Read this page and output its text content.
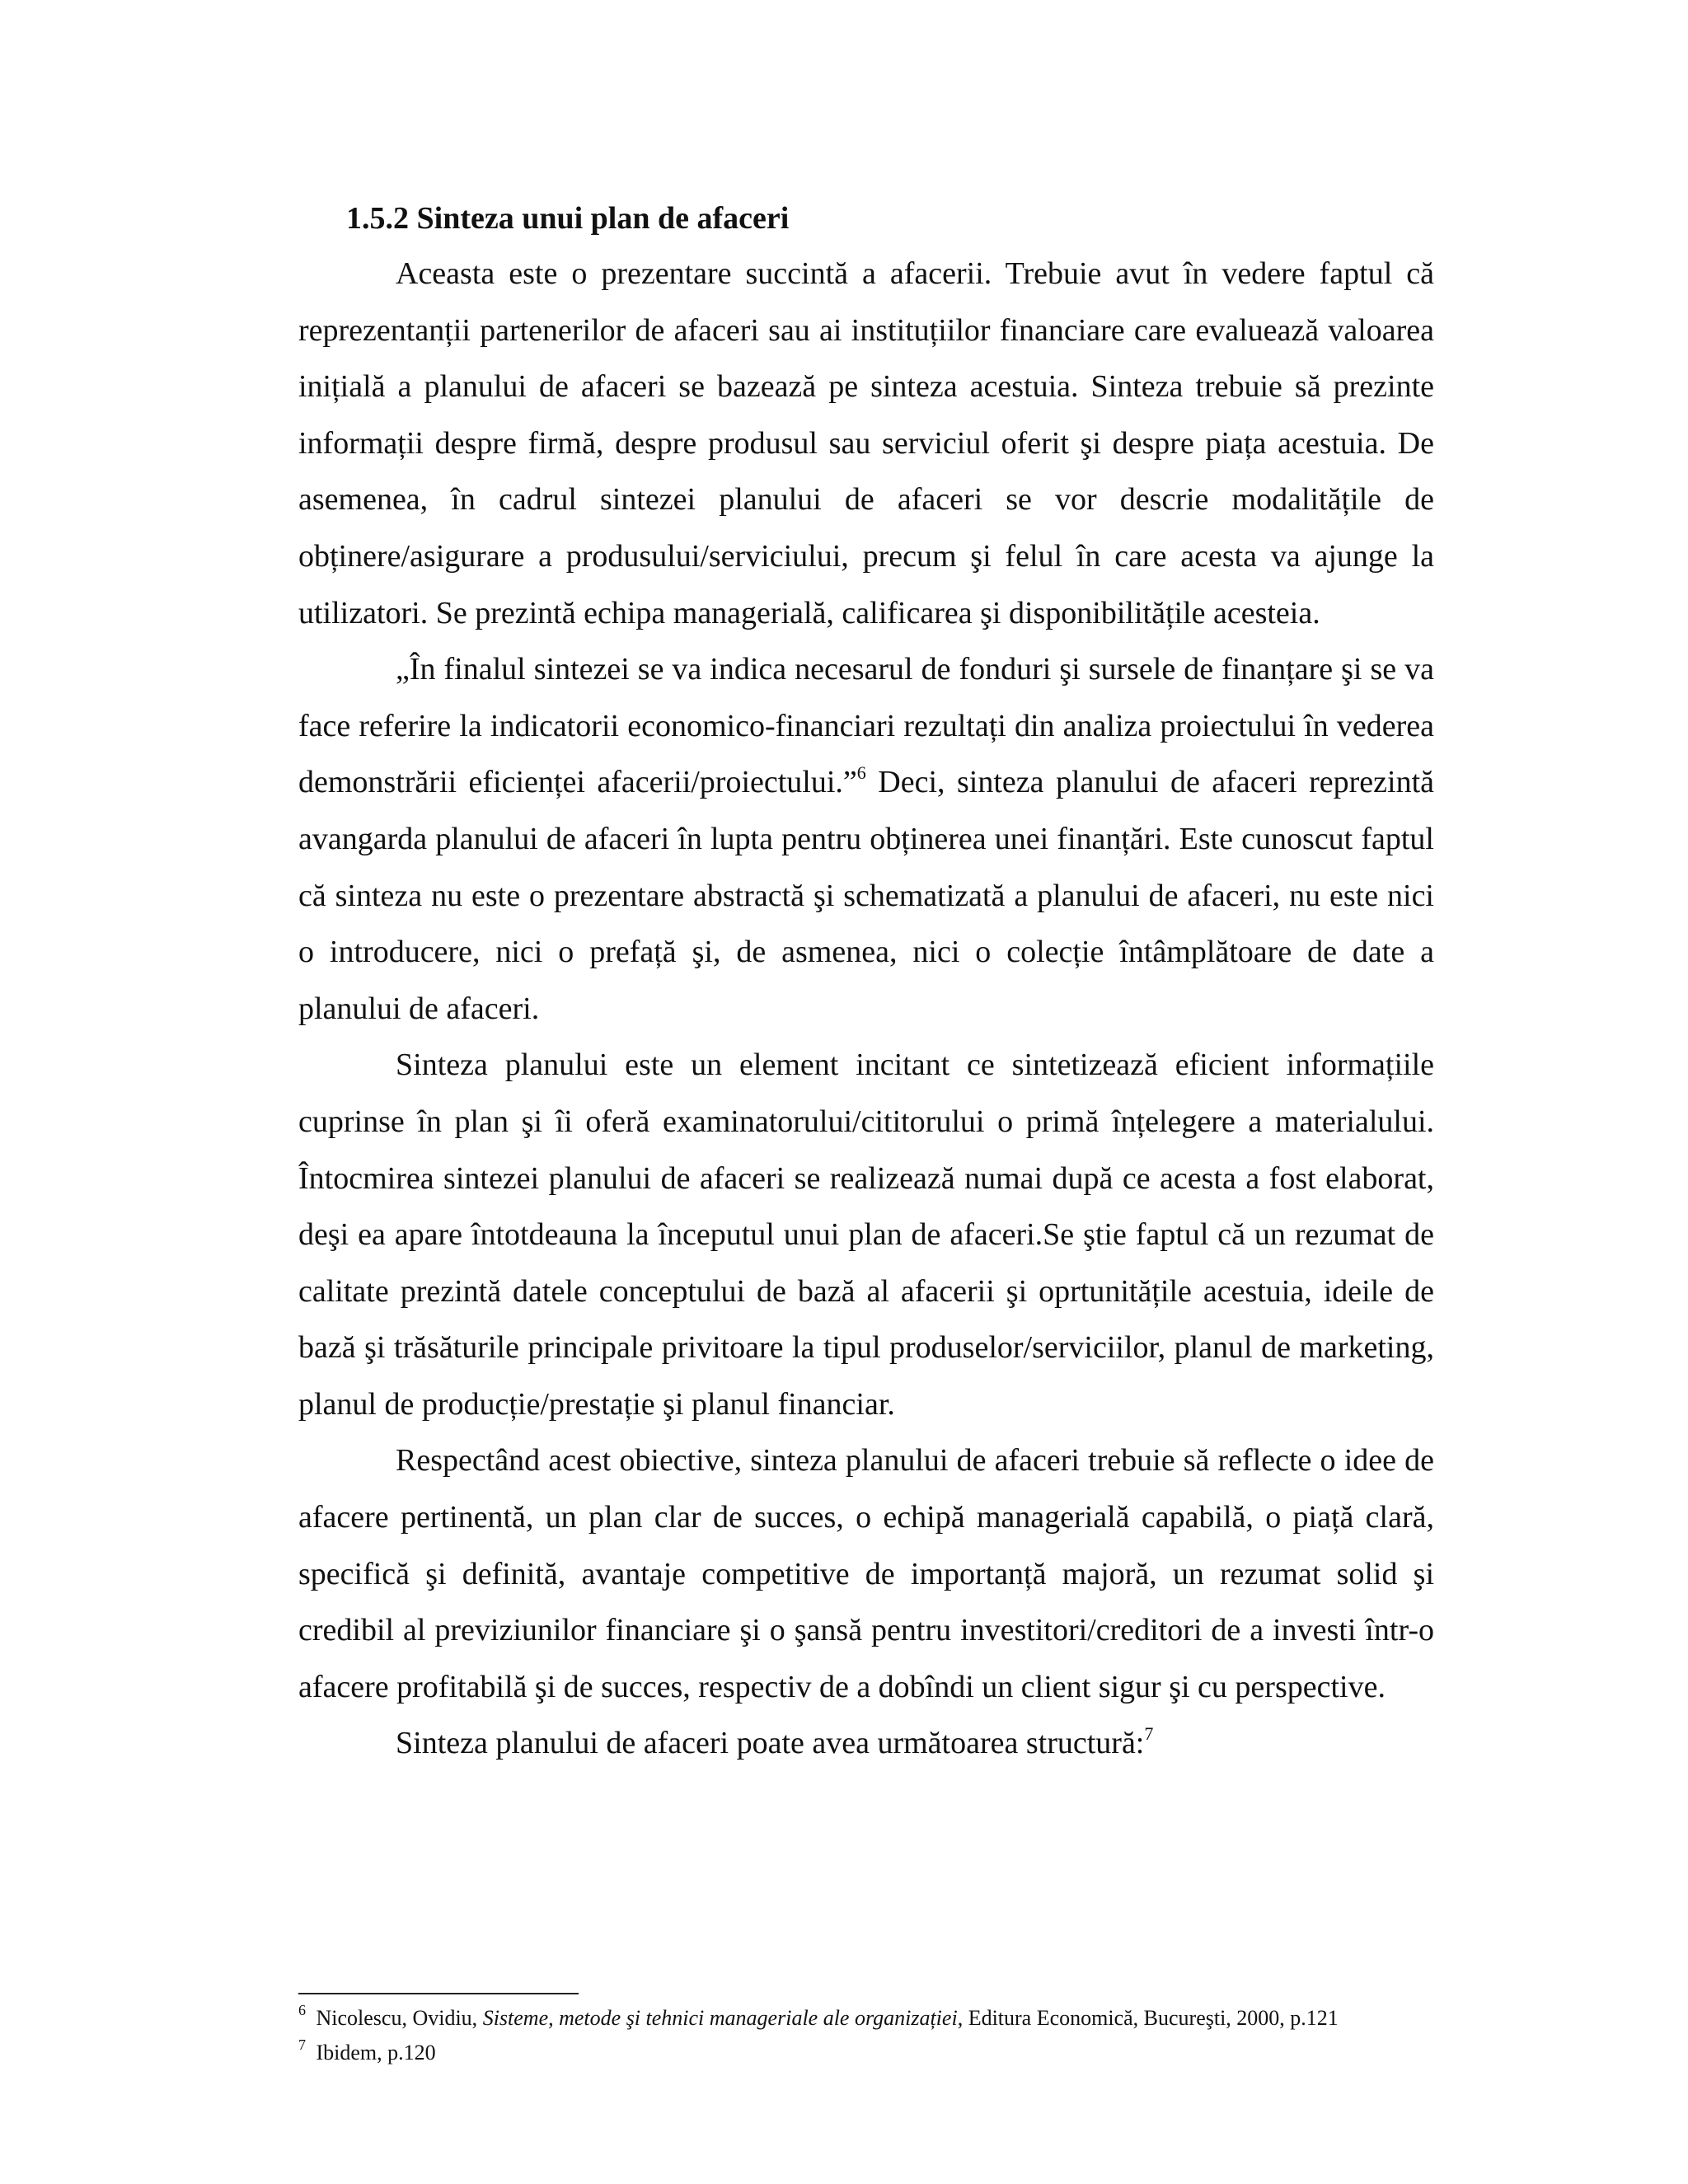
1.5.2 Sinteza unui plan de afaceri

Aceasta este o prezentare succintă a afacerii. Trebuie avut în vedere faptul că reprezentanții partenerilor de afaceri sau ai instituțiilor financiare care evaluează valoarea inițială a planului de afaceri se bazează pe sinteza acestuia. Sinteza trebuie să prezinte informații despre firmă, despre produsul sau serviciul oferit şi despre piața acestuia. De asemenea, în cadrul sintezei planului de afaceri se vor descrie modalitățile de obținere/asigurare a produsului/serviciului, precum şi felul în care acesta va ajunge la utilizatori. Se prezintă echipa managerială, calificarea şi disponibilitățile acesteia.

„În finalul sintezei se va indica necesarul de fonduri şi sursele de finanțare şi se va face referire la indicatorii economico-financiari rezultați din analiza proiectului în vederea demonstrării eficienței afacerii/proiectului.”$^6$ Deci, sinteza planului de afaceri reprezintă avangarda planului de afaceri în lupta pentru obținerea unei finanțări. Este cunoscut faptul că sinteza nu este o prezentare abstractă şi schematizată a planului de afaceri, nu este nici o introducere, nici o prefață şi, de asmenea, nici o colecție întâmplătoare de date a planului de afaceri.

Sinteza planului este un element incitant ce sintetizează eficient informațiile cuprinse în plan şi îi oferă examinatorului/cititorului o primă înțelegere a materialului. Întocmirea sintezei planului de afaceri se realizează numai după ce acesta a fost elaborat, deşi ea apare întotdeauna la începutul unui plan de afaceri.Se ştie faptul că un rezumat de calitate prezintă datele conceptului de bază al afacerii şi oprtunitățile acestuia, ideile de bază şi trăsăturile principale privitoare la tipul produselor/serviciilor, planul de marketing, planul de producție/prestație şi planul financiar.

Respectând acest obiective, sinteza planului de afaceri trebuie să reflecte o idee de afacere pertinentă, un plan clar de succes, o echipă managerială capabilă, o piață clară, specifică şi definită, avantaje competitive de importanță majoră, un rezumat solid şi credibil al previziunilor financiare şi o şansă pentru investitori/creditori de a investi într-o afacere profitabilă şi de succes, respectiv de a dobîndi un client sigur şi cu perspective.

Sinteza planului de afaceri poate avea următoarea structură:$^7$

$^6$ Nicolescu, Ovidiu, Sisteme, metode şi tehnici manageriale ale organizației, Editura Economică, Bucureşti, 2000, p.121

$^7$ Ibidem, p.120
